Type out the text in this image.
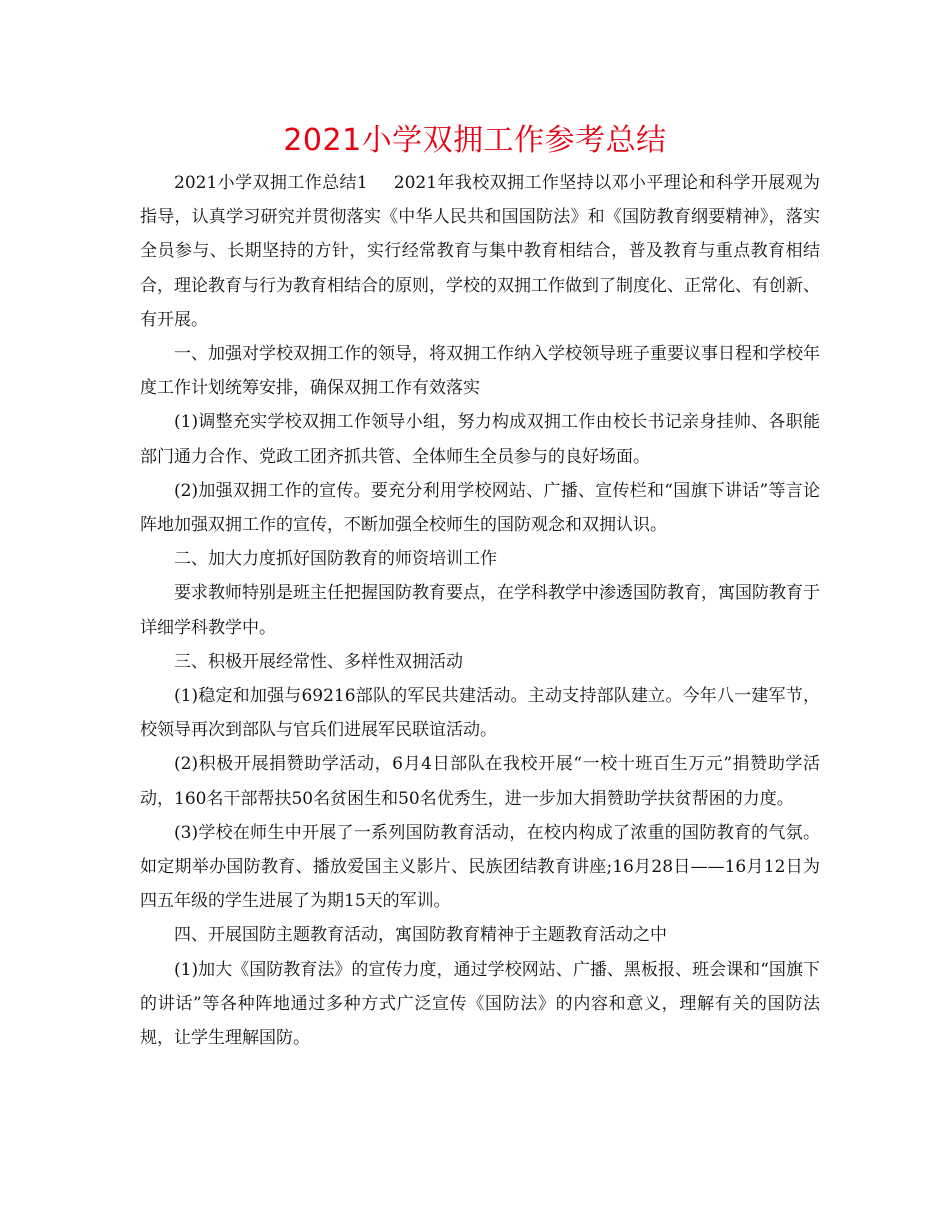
2021小学双拥工作参考总结

2021小学双拥工作总结1 2021年我校双拥工作坚持以邓小平理论和科学开展观为指导，认真学习研究并贯彻落实《中华人民共和国国防法》和《国防教育纲要精神》，落实全员参与、长期坚持的方针，实行经常教育与集中教育相结合，普及教育与重点教育相结合，理论教育与行为教育相结合的原则，学校的双拥工作做到了制度化、正常化、有创新、有开展。

一、加强对学校双拥工作的领导，将双拥工作纳入学校领导班子重要议事日程和学校年度工作计划统筹安排，确保双拥工作有效落实

(1)调整充实学校双拥工作领导小组，努力构成双拥工作由校长书记亲身挂帅、各职能部门通力合作、党政工团齐抓共管、全体师生全员参与的良好场面。

(2)加强双拥工作的宣传。要充分利用学校网站、广播、宣传栏和“国旗下讲话”等言论阵地加强双拥工作的宣传，不断加强全校师生的国防观念和双拥认识。

二、加大力度抓好国防教育的师资培训工作

要求教师特别是班主任把握国防教育要点，在学科教学中渗透国防教育，寓国防教育于详细学科教学中。

三、积极开展经常性、多样性双拥活动

(1)稳定和加强与69216部队的军民共建活动。主动支持部队建立。今年八一建军节，校领导再次到部队与官兵们进展军民联谊活动。

(2)积极开展捐赞助学活动，6月4日部队在我校开展“一校十班百生万元”捐赞助学活动，160名干部帮扶50名贫困生和50名优秀生，进一步加大捐赞助学扶贫帮困的力度。

(3)学校在师生中开展了一系列国防教育活动，在校内构成了浓重的国防教育的气氛。如定期举办国防教育、播放爱国主义影片、民族团结教育讲座;16月28日——16月12日为四五年级的学生进展了为期15天的军训。

四、开展国防主题教育活动，寓国防教育精神于主题教育活动之中

(1)加大《国防教育法》的宣传力度，通过学校网站、广播、黑板报、班会课和“国旗下的讲话”等各种阵地通过多种方式广泛宣传《国防法》的内容和意义，理解有关的国防法规，让学生理解国防。
